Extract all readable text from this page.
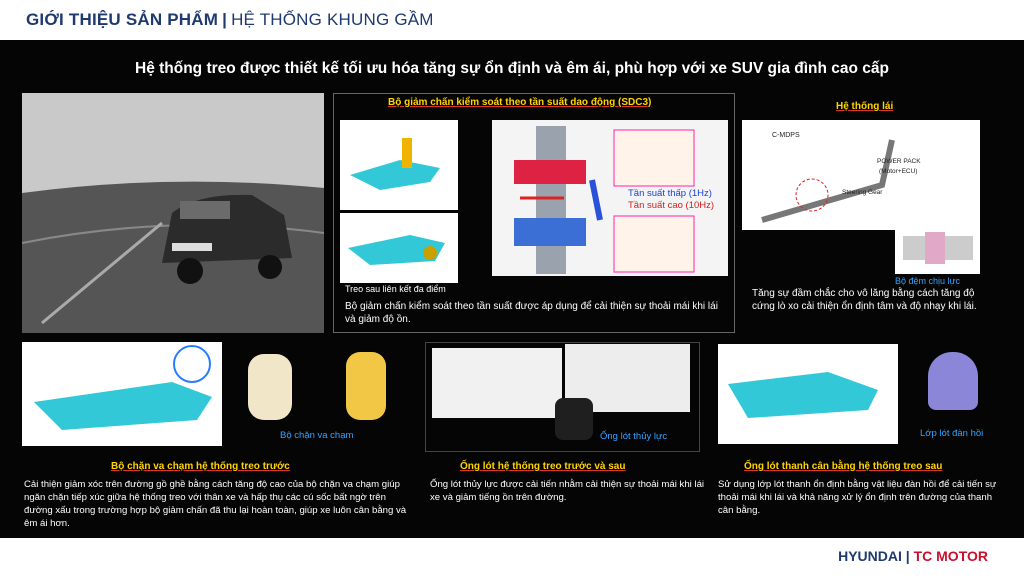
GIỚI THIỆU SẢN PHẨM | HỆ THỐNG KHUNG GẦM
Hệ thống treo được thiết kế tối ưu hóa tăng sự ổn định và êm ái, phù hợp với xe SUV gia đình cao cấp
Bộ giảm chấn kiểm soát theo tần suất dao động (SDC3)
Treo trước Macpherson
Treo sau liên kết đa điểm
Tần suất thấp (1Hz)
Tần suất cao (10Hz)
Bộ giảm chấn kiểm soát theo tần suất được áp dụng để cải thiện sự thoải mái khi lái và giảm độ ồn.
Hệ thống lái
C-MDPS
POWER PACK
(Motor+ECU)
Steering Gear
Bộ đệm chịu lực
Tăng sự đầm chắc cho vô lăng bằng cách tăng độ cứng lò xo cải thiện ổn định tâm và độ nhạy khi lái.
Bộ chặn va chạm
Bộ chặn va chạm hệ thống treo trước
Cải thiện giảm xóc trên đường gồ ghề bằng cách tăng độ cao của bộ chặn va chạm giúp ngăn chặn tiếp xúc giữa hệ thống treo với thân xe và hấp thụ các cú sốc bất ngờ trên đường xấu trong trường hợp bộ giảm chấn đã thu lại hoàn toàn, giúp xe luôn cân bằng và êm ái hơn.
Ống lót thủy lực
Ống lót hệ thống treo trước và sau
Ống lót thủy lực được cải tiến nhằm cải thiện sự thoải mái khi lái xe và giảm tiếng ồn trên đường.
Lớp lót đàn hồi
Ống lót thanh cân bằng hệ thống treo sau
Sử dụng lớp lót thanh ổn định bằng vật liệu đàn hồi để cải tiến sự thoải mái khi lái và khả năng xử lý ổn định trên đường của thanh cân bằng.
HYUNDAI | TC MOTOR
